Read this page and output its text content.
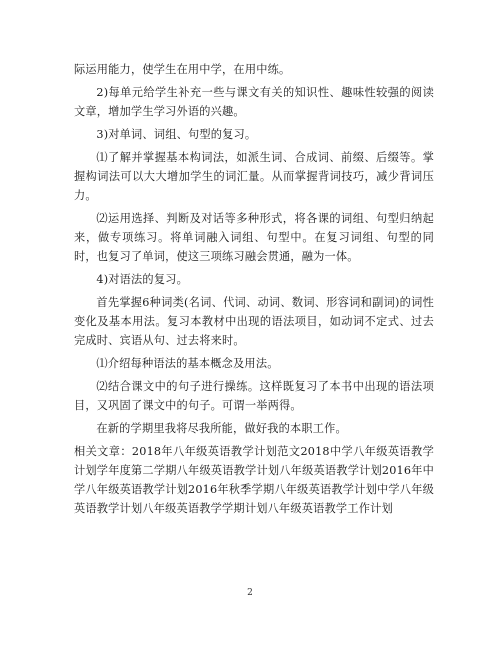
际运用能力，使学生在用中学，在用中练。

2)每单元给学生补充一些与课文有关的知识性、趣味性较强的阅读文章，增加学生学习外语的兴趣。

3)对单词、词组、句型的复习。

⑴了解并掌握基本构词法，如派生词、合成词、前缀、后缀等。掌握构词法可以大大增加学生的词汇量。从而掌握背词技巧，减少背词压力。

⑵运用选择、判断及对话等多种形式，将各课的词组、句型归纳起来，做专项练习。将单词融入词组、句型中。在复习词组、句型的同时，也复习了单词，使这三项练习融会贯通，融为一体。

4)对语法的复习。

首先掌握6种词类(名词、代词、动词、数词、形容词和副词)的词性变化及基本用法。复习本教材中出现的语法项目，如动词不定式、过去完成时、宾语从句、过去将来时。

⑴介绍每种语法的基本概念及用法。

⑵结合课文中的句子进行操练。这样既复习了本书中出现的语法项目，又巩固了课文中的句子。可谓一举两得。

在新的学期里我将尽我所能，做好我的本职工作。

相关文章：2018年八年级英语教学计划范文2018中学八年级英语教学计划学年度第二学期八年级英语教学计划八年级英语教学计划2016年中学八年级英语教学计划2016年秋季学期八年级英语教学计划中学八年级英语教学计划八年级英语教学学期计划八年级英语教学工作计划

2
